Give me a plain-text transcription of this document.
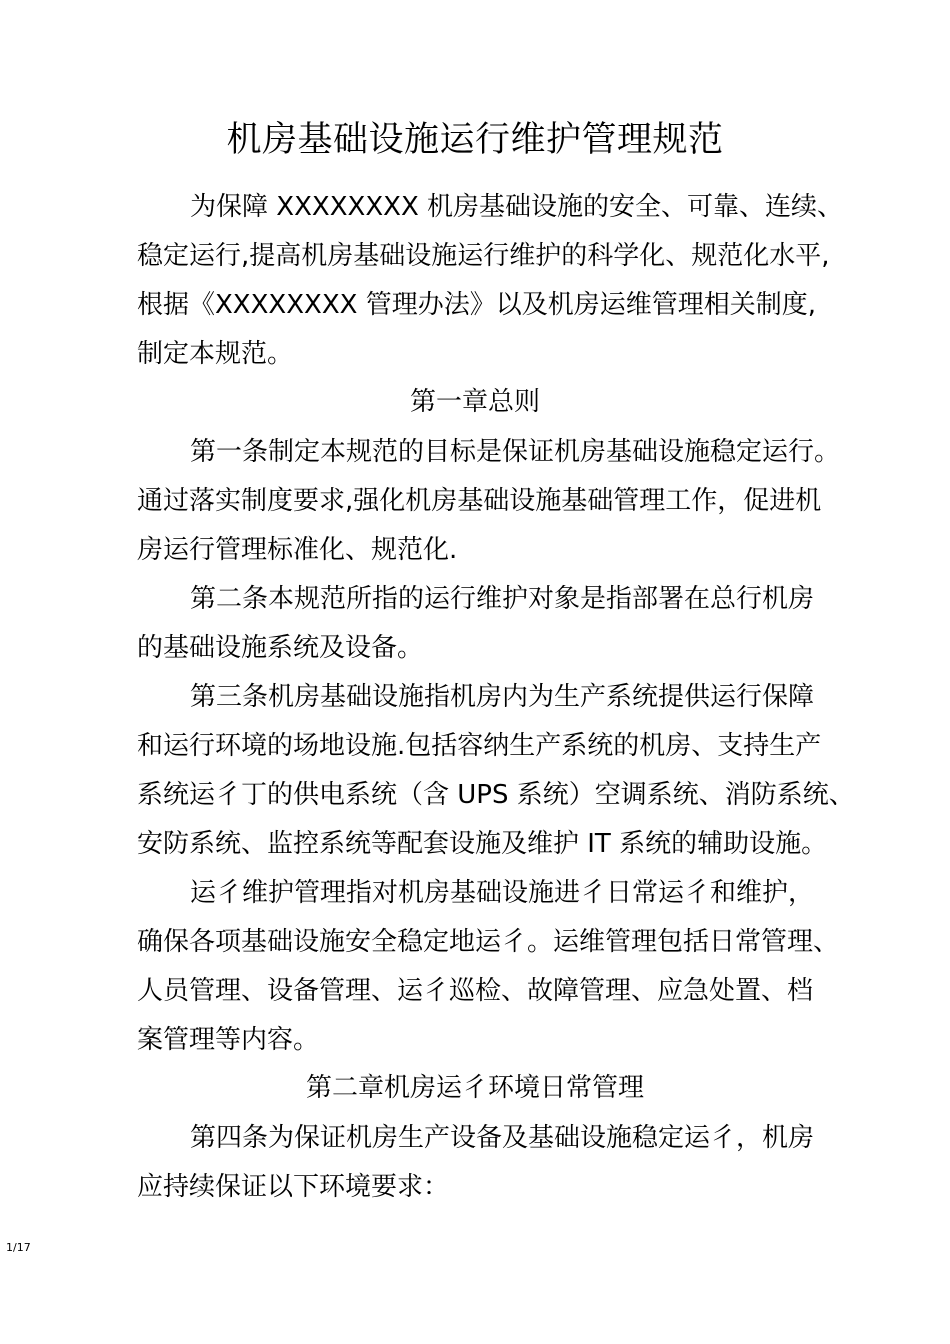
机房基础设施运行维护管理规范
为保障 XXXXXXXX 机房基础设施的安全、可靠、连续、
稳定运行,提高机房基础设施运行维护的科学化、规范化水平,
根据《XXXXXXXX 管理办法》以及机房运维管理相关制度,
制定本规范。
第一章总则
第一条制定本规范的目标是保证机房基础设施稳定运行。
通过落实制度要求,强化机房基础设施基础管理工作，促进机
房运行管理标准化、规范化.
第二条本规范所指的运行维护对象是指部署在总行机房
的基础设施系统及设备。
第三条机房基础设施指机房内为生产系统提供运行保障
和运行环境的场地设施.包括容纳生产系统的机房、支持生产
系统运彳丁的供电系统（含 UPS 系统）空调系统、消防系统、
安防系统、监控系统等配套设施及维护 IT 系统的辅助设施。
运彳维护管理指对机房基础设施进彳日常运彳和维护，
确保各项基础设施安全稳定地运彳。运维管理包括日常管理、
人员管理、设备管理、运彳巡检、故障管理、应急处置、档
案管理等内容。
第二章机房运彳环境日常管理
第四条为保证机房生产设备及基础设施稳定运彳，机房
应持续保证以下环境要求：
1/17
